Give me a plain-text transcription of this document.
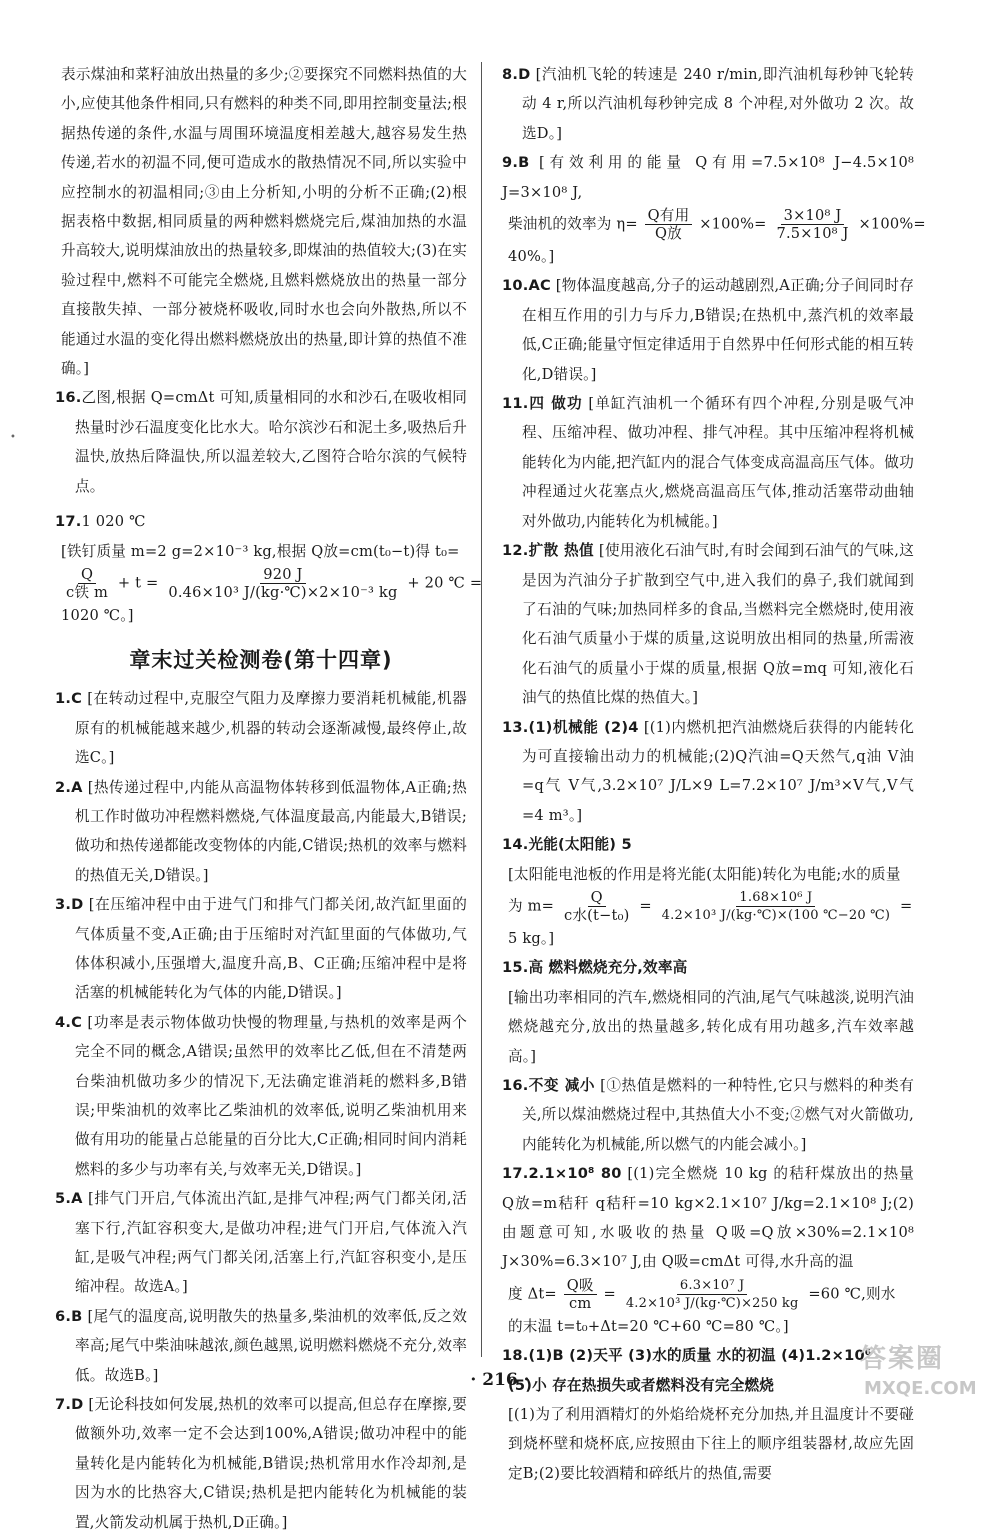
表示煤油和菜籽油放出热量的多少;②要探究不同燃料热值的大小,应使其他条件相同,只有燃料的种类不同,即用控制变量法;根据热传递的条件,水温与周围环境温度相差越大,越容易发生热传递,若水的初温不同,便可造成水的散热情况不同,所以实验中应控制水的初温相同;③由上分析知,小明的分析不正确;(2)根据表格中数据,相同质量的两种燃料燃烧完后,煤油加热的水温升高较大,说明煤油放出的热量较多,即煤油的热值较大;(3)在实验过程中,燃料不可能完全燃烧,且燃料燃烧放出的热量一部分直接散失掉、一部分被烧杯吸收,同时水也会向外散热,所以不能通过水温的变化得出燃料燃烧放出的热量,即计算的热值不准确。]
16.乙图,根据 Q=cmΔt 可知,质量相同的水和沙石,在吸收相同热量时沙石温度变化比水大。哈尔滨沙石和泥土多,吸热后升温快,放热后降温快,所以温差较大,乙图符合哈尔滨的气候特点。
17.1 020 ℃
[铁钉质量 m=2 g=2×10⁻³ kg,根据 Q放=cm(t₀−t)得 t₀=
$\frac{Q}{\text{c铁 m}} + t = \frac{920 J}{\text{0.46×10³ J/(kg·℃)×2×10⁻³ kg}} + 20$ ℃ =
1020 ℃。]
章末过关检测卷(第十四章)
1.C [在转动过程中,克服空气阻力及摩擦力要消耗机械能,机器原有的机械能越来越少,机器的转动会逐渐减慢,最终停止,故选C。]
2.A [热传递过程中,内能从高温物体转移到低温物体,A正确;热机工作时做功冲程燃料燃烧,气体温度最高,内能最大,B错误;做功和热传递都能改变物体的内能,C错误;热机的效率与燃料的热值无关,D错误。]
3.D [在压缩冲程中由于进气门和排气门都关闭,故汽缸里面的气体质量不变,A正确;由于压缩时对汽缸里面的气体做功,气体体积减小,压强增大,温度升高,B、C正确;压缩冲程中是将活塞的机械能转化为气体的内能,D错误。]
4.C [功率是表示物体做功快慢的物理量,与热机的效率是两个完全不同的概念,A错误;虽然甲的效率比乙低,但在不清楚两台柴油机做功多少的情况下,无法确定谁消耗的燃料多,B错误;甲柴油机的效率比乙柴油机的效率低,说明乙柴油机用来做有用功的能量占总能量的百分比大,C正确;相同时间内消耗燃料的多少与功率有关,与效率无关,D错误。]
5.A [排气门开启,气体流出汽缸,是排气冲程;两气门都关闭,活塞下行,汽缸容积变大,是做功冲程;进气门开启,气体流入汽缸,是吸气冲程;两气门都关闭,活塞上行,汽缸容积变小,是压缩冲程。故选A。]
6.B [尾气的温度高,说明散失的热量多,柴油机的效率低,反之效率高;尾气中柴油味越浓,颜色越黑,说明燃料燃烧不充分,效率低。故选B。]
7.D [无论科技如何发展,热机的效率可以提高,但总存在摩擦,要做额外功,效率一定不会达到100%,A错误;做功冲程中的能量转化是内能转化为机械能,B错误;热机常用水作冷却剂,是因为水的比热容大,C错误;热机是把内能转化为机械能的装置,火箭发动机属于热机,D正确。]
8.D [汽油机飞轮的转速是 240 r/min,即汽油机每秒钟飞轮转动 4 r,所以汽油机每秒钟完成 8 个冲程,对外做功 2 次。故选D。]
9.B [有效利用的能量 Q有用=7.5×10⁸ J−4.5×10⁸ J=3×10⁸ J,
柴油机的效率为 $\eta= \frac{\text{Q有用}}{\text{Q放}} \times 100\%= \frac{\text{3×10⁸ J}}{\text{7.5×10⁸ J}} \times 100\%=$
40%。]
10.AC [物体温度越高,分子的运动越剧烈,A正确;分子间同时存在相互作用的引力与斥力,B错误;在热机中,蒸汽机的效率最低,C正确;能量守恒定律适用于自然界中任何形式能的相互转化,D错误。]
11.四 做功 [单缸汽油机一个循环有四个冲程,分别是吸气冲程、压缩冲程、做功冲程、排气冲程。其中压缩冲程将机械能转化为内能,把汽缸内的混合气体变成高温高压气体。做功冲程通过火花塞点火,燃烧高温高压气体,推动活塞带动曲轴对外做功,内能转化为机械能。]
12.扩散 热值 [使用液化石油气时,有时会闻到石油气的气味,这是因为汽油分子扩散到空气中,进入我们的鼻子,我们就闻到了石油的气味;加热同样多的食品,当燃料完全燃烧时,使用液化石油气质量小于煤的质量,这说明放出相同的热量,所需液化石油气的质量小于煤的质量,根据 Q放=mq 可知,液化石油气的热值比煤的热值大。]
13.(1)机械能 (2)4 [(1)内燃机把汽油燃烧后获得的内能转化为可直接输出动力的机械能;(2)Q汽油=Q天然气,q油 V油=q气 V气,3.2×10⁷ J/L×9 L=7.2×10⁷ J/m³×V气,V气=4 m³。]
14.光能(太阳能) 5
[太阳能电池板的作用是将光能(太阳能)转化为电能;水的质量
为 $m= \frac{Q}{\text{c水(t−t₀)}} = \frac{\text{1.68×10⁶ J}}{\text{4.2×10³ J/(kg·℃)×(100 ℃−20 ℃)}}$ =
5 kg。]
15.高 燃料燃烧充分,效率高
[输出功率相同的汽车,燃烧相同的汽油,尾气气味越淡,说明汽油燃烧越充分,放出的热量越多,转化成有用功越多,汽车效率越高。]
16.不变 减小 [①热值是燃料的一种特性,它只与燃料的种类有关,所以煤油燃烧过程中,其热值大小不变;②燃气对火箭做功,内能转化为机械能,所以燃气的内能会减小。]
17.2.1×10⁸ 80 [(1)完全燃烧 10 kg 的秸秆煤放出的热量 Q放=m秸秆 q秸秆=10 kg×2.1×10⁷ J/kg=2.1×10⁸ J;(2)由题意可知,水吸收的热量 Q吸=Q放×30%=2.1×10⁸ J×30%=6.3×10⁷ J,由 Q吸=cmΔt 可得,水升高的温
度 $\Delta t= \frac{\text{Q吸}}{cm} = \frac{\text{6.3×10⁷ J}}{\text{4.2×10³ J/(kg·℃)×250 kg}} =60$ ℃,则水
的末温 t=t₀+Δt=20 ℃+60 ℃=80 ℃。]
18.(1)B (2)天平 (3)水的质量 水的初温 (4)1.2×10⁶
(5)小 存在热损失或者燃料没有完全燃烧
[(1)为了利用酒精灯的外焰给烧杯充分加热,并且温度计不要碰到烧杯壁和烧杯底,应按照由下往上的顺序组装器材,故应先固定B;(2)要比较酒精和碎纸片的热值,需要
•
· 216 ·
答案圈
MXQE.COM
